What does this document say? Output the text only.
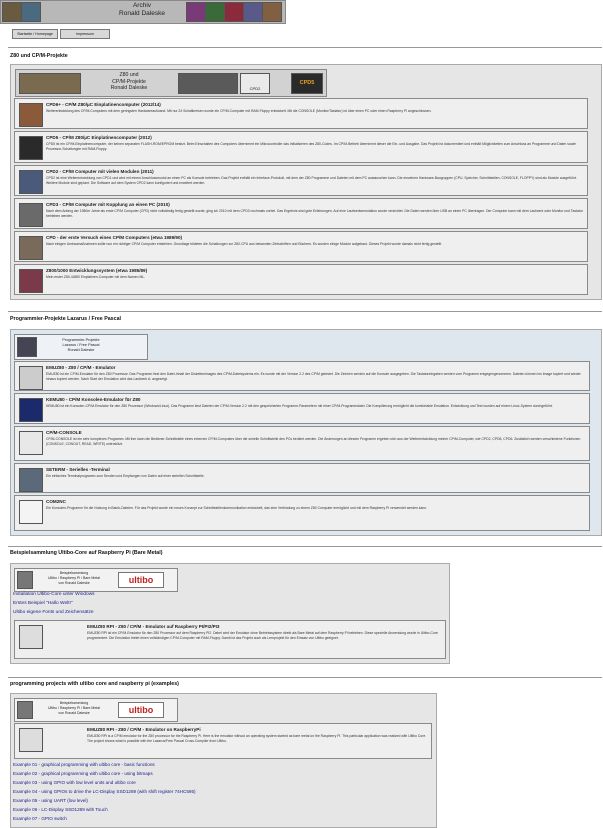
Archiv
Ronald Daleske
Startseite / Homepage	Impressum
Z80 und CP/M-Projekte
Z80 und
CP/M-Projekte
Ronald Daleske	CPD2
CPD5
CPD6+ - CP/M Z80/µC Einplatinencomputer (2012/14)
Weiterentwicklung des CP/M-Computers mit dem geringsten Hardwareaufwand. Mit nur 24 Schaltkreisen wurde ein CP/M-Computer mit RAM-Floppy entwickelt. Mit die CONSOLE (Monitor/Tastatur) ist über einen PC oder einen Raspberry Pi angeschlossen.
CPD5 - CP/M Z80/µC Einplatinencomputer (2012)
CPD5 ist ein CP/M-Einplatinencomputer, der keinen separaten FLASH-ROM/EPROM besitzt. Beim Einschalten des Computers übernimmt ein Mikrocontroller das Initialisieren des Z80-Codes. Im CP/M-Betrieb übernimmt dieser die Ein- und Ausgabe. Das Projekt ist dokumentiert und enthält Möglichkeiten zum Anschluss an Programme und Daten sowie Prozessor-Schaltungen mit RAM-Floppy.
CPD2 - CP/M Computer mit vielen Modulen (2011)
CPD2 ist eine Weiterentwicklung von CPD1 und wird mit einem Anschlussmodul an einen PC als Konsole betrieben. Das Projekt enthält ein Interface-Protokoll, mit dem der Z80 Programme und Dateien mit dem PC austauschen kann. Die einzelnen Hardware-Baugruppen (CPU, Speicher, Schnittstellen, CONSOLE, FLOPPY) sind als Module ausgeführt. Weitere Module sind geplant. Die Software auf dem System CPD2 kann konfiguriert und erweitert werden.
CPD3 - CP/M Computer mit Kopplung an einen PC (2010)
Nach dem Anfang der 1980er Jahre als erste CP/M Computer (CPD) nicht vollständig fertig gestellt wurde, ging ich 2010 mit dem CPD3 nochmals vorbei. Das Ergebnis sind gute Erfahrungen. Auf eine Laufwerksemulation wurde verzichtet. Die Daten werden über USB an einen PC übertragen. Der Computer kann mit dem Laufwerk oder Monitor und Tastatur betrieben werden.
CPD - der erste Versuch eines CP/M Computers (etwa 1989/90)
Nach einigen Umbaumaßnahmen sollte nun ein richtiger CP/M Computer entstehen. Grundlage bildeten die Schaltungen zur Z80-CPU aus bekannten Zeitschriften und Büchern. Es wurden einige Module aufgebaut. Dieses Projekt wurde damals nicht fertig gestellt.
Z800/1000 Entwicklungssystem (etwa 1985/89)
Mein erster Z80-/U880 Einplatinen-Computer mit dem Namen ML.
Programmier-Projekte Lazarus / Free Pascal
Programmier-Projekte
Lazarus / Free Pascal
Ronald Daleske
EMUZ80 - Z80 / CP/M - Emulator
EMUZ80 ist ein CP/M-Emulator für den Z80 Prozessor. Das Programm liest den Datei-Inhalt der Diskettenimages des CP/M-Dateisystems ein. Es wurde mit der Version 2.2 des CP/M getestet. Die Zeichen werden auf die Konsole ausgegeben. Die Tastatureingaben werden vom Programm entgegengenommen. Dateien können ins Image kopiert und wieder hinaus kopiert werden. Nach Start der Emulation wird das Laufwerk A: angezeigt.
KEMU80 - CP/M Konsolen-Emulator für Z80
KEMU80 ist ein Konsolen-CP/M-Emulator für den Z80 Prozessor (Windows/Linux). Das Programm liest Dateien der CP/M-Version 2.2 mit den gespeicherten Programm-Parametern mit einer CP/M-Programmdatei. Die Kompilierung ermöglicht die komfortable Emulation. Entwicklung und Test wurden auf einem Linux-System durchgeführt.
CP/M-CONSOLE
CP/M-CONSOLE ist ein sehr komplexes Programm. Mit ihm kann die Bediener-Schnittstelle eines externen CP/M-Computers über die serielle Schnittstelle des PCs bedient werden. Die Änderungen an diesem Programm ergeben sich aus der Weiterentwicklung meiner CP/M-Computer, wie CPD2, CPD5, CPD6. Zusätzlich werden verschiedene Funktionen (CONSOLE, CONOUT, READ, WRITE) unterstützt.
SETERM - Serielles -Terminal
Ein einfaches Terminalprogramm zum Senden und Empfangen von Daten auf einer seriellen Schnittstelle.
COM2NC
Ein Konsolen-Programm für die Nutzung in Batch-Dateien. Für das Projekt wurde ein neues Konzept zur Schnittstellenkommunikation entwickelt, das eine Verbindung zu einem Z80 Computer ermöglicht und mit dem Raspberry Pi verwendet werden kann.
Beispielsammlung Ultibo-Core auf Raspberry Pi (Bare Metal)
Beispielsammlung
Ultibo / Raspberry Pi / Bare Metal
von Ronald Daleske	ultibo
Installation Ultibo-Core unter Windows
Erstes Beispiel "Hallo Welt!"
Ultibo eigene Fonts und Zeichensätze
EMUZ80 RPI - Z80 / CP/M - Emulator auf Raspberry PI/PI2/PI3
EMUZ80 RPI ist ein CP/M-Emulator für den Z80 Prozessor auf dem Raspberry PI2. Dabei wird der Emulator ohne Betriebssystem direkt als Bare Metal auf dem Raspberry Pi betrieben. Diese spezielle Anwendung wurde in Ultibo-Core programmiert. Die Emulation bietet einen vollständigen CP/M-Computer mit RAM-Floppy. Damit ist das Projekt auch als Lernprojekt für den Einsatz von Ultibo geeignet.
programming projects with ultibo core and raspberry pi (examples)
Beispielsammlung
Ultibo / Raspberry Pi / Bare Metal
von Ronald Daleske	ultibo
EMUZ80 RPI - Z80 / CP/M - Emulator on RaspberryPi
EMUZ80 RPI is a CP/M emulator for the Z80 processor for the Raspberry Pi. Here is the emulator without an operating system started as bare metal on the Raspberry Pi. This particular application was realized with Ultibo Core. The project shows what is possible with the Lazarus/Free Pascal Cross-Compiler from Ultibo.
Example 01 - graphical programming with ultibo core - basic functions
Example 02 - graphical programming with ultibo core - using bitmaps
Example 03 - using GPIO with low level units and ultibo core
Example 04 - using GPIOs to drive the LC-Display SSD1289 (with shift register 74HC595)
Example 05 - using UART (low level)
Example 06 - LC-Display SSD1289 with Touch
Example 07 - GPIO switch
